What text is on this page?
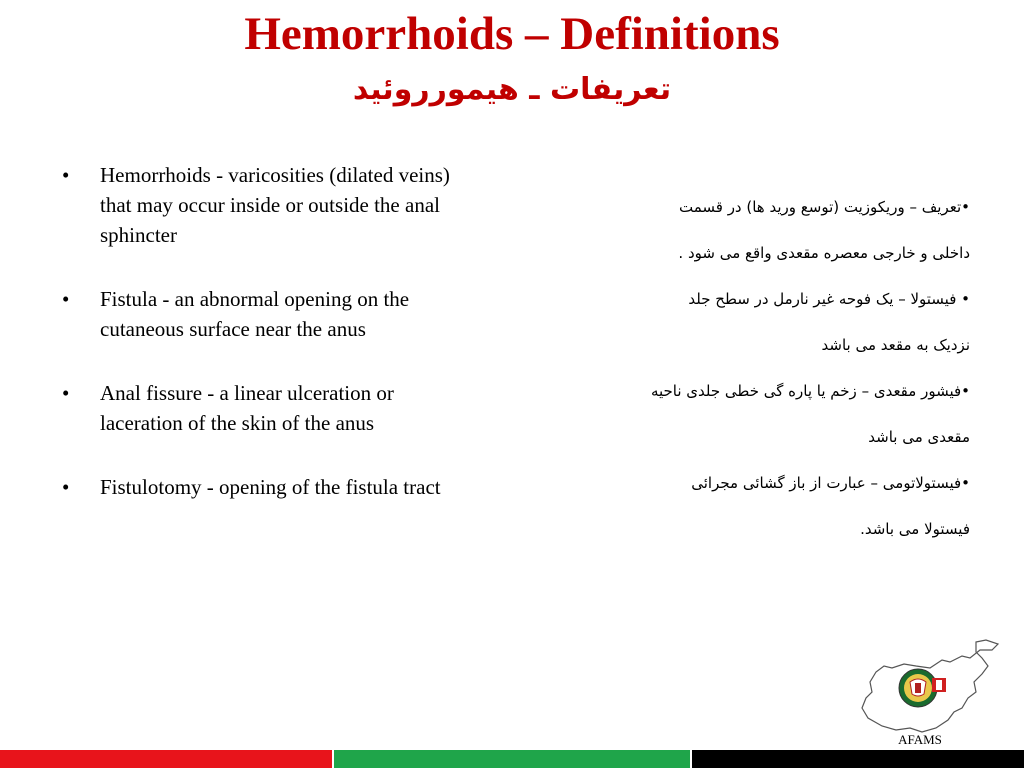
Hemorrhoids – Definitions
تعریفات ـ هیمورروئید
•	Hemorrhoids - varicosities (dilated veins) that may occur inside or outside the anal sphincter
•	Fistula - an abnormal opening on the cutaneous surface near the anus
•	Anal fissure - a linear ulceration or laceration of the skin of the anus
•	Fistulotomy - opening of the fistula tract

•تعریف – وریکوزیت (توسع ورید ها) در قسمت

داخلی و خارجی معصره مقعدی واقع می شود .

• فیستولا – یک فوحه غیر نارمل در سطح جلد

نزدیک به مقعد می باشد

•فیشور مقعدی – زخم یا پاره گی خطی جلدی ناحیه

مقعدی می باشد

•فیستولاتومی – عبارت از باز گشائی مجرائی

فیستولا می باشد.

AFAMS
